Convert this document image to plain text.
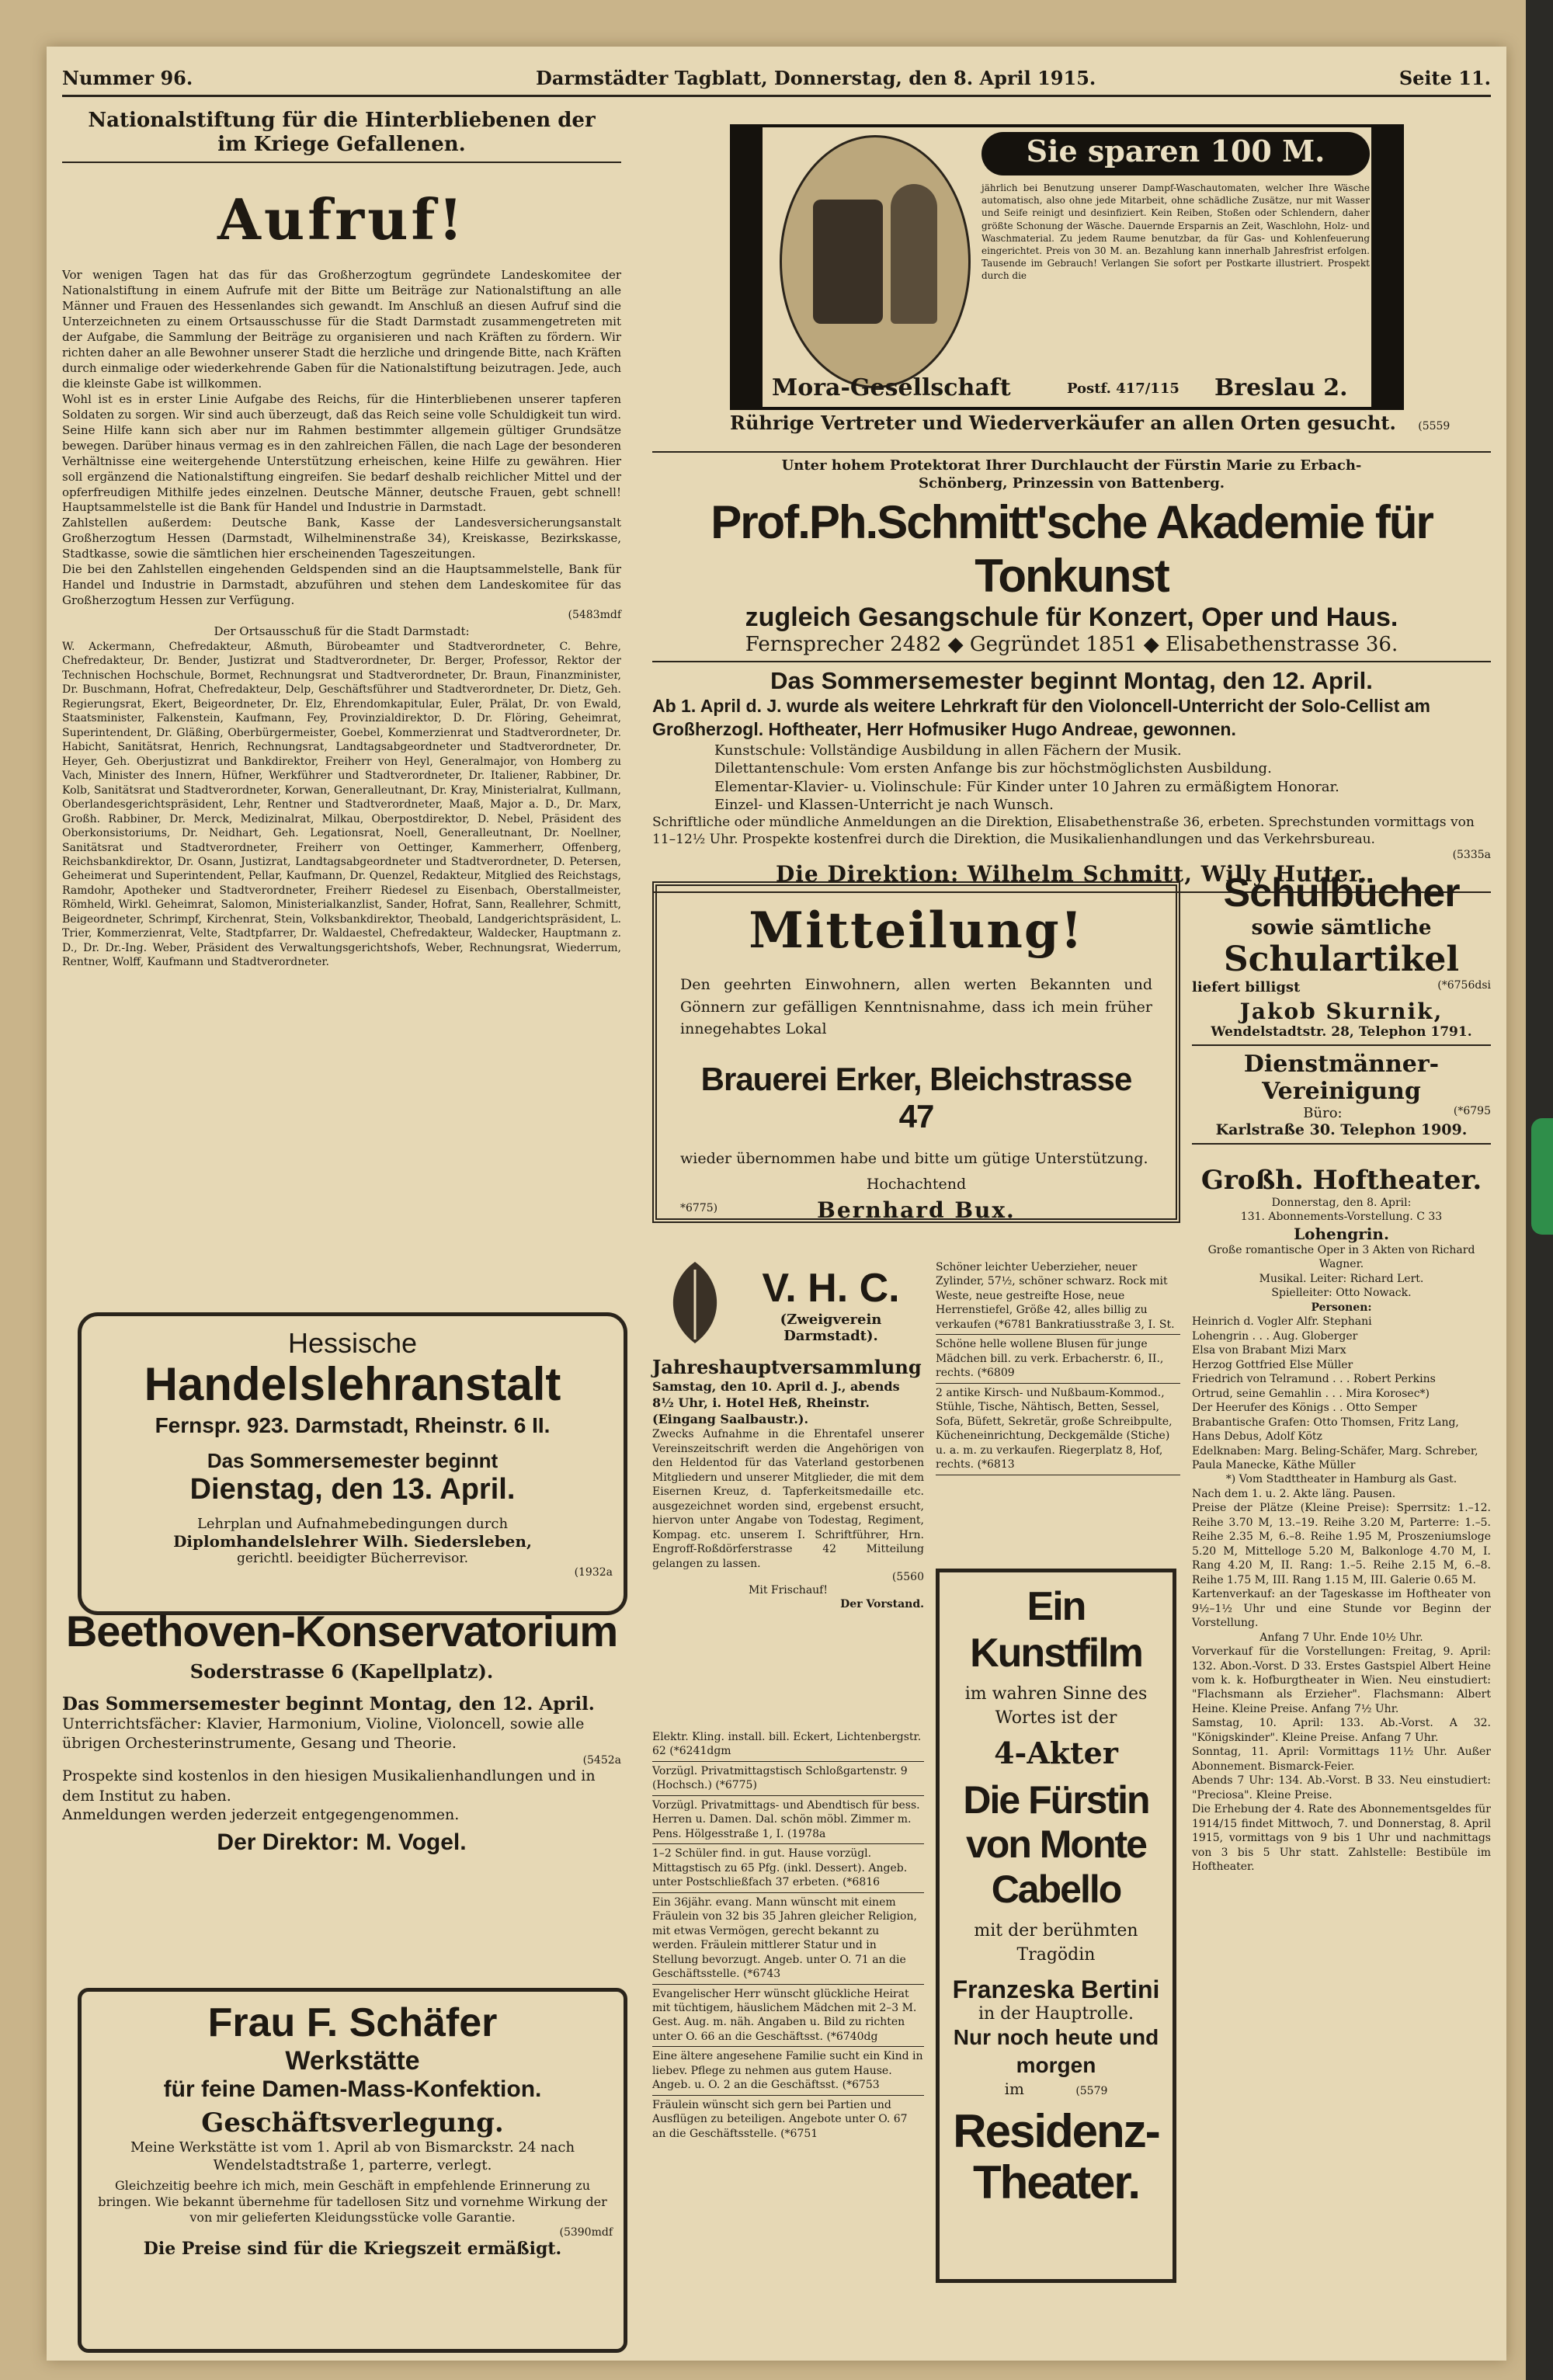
Nummer 96.	Darmstädter Tagblatt, Donnerstag, den 8. April 1915.	Seite 11.
Nationalstiftung für die Hinterbliebenen der im Kriege Gefallenen.
Aufruf!

Vor wenigen Tagen hat das für das Großherzogtum gegründete Landeskomitee der Nationalstiftung in einem Aufrufe mit der Bitte um Beiträge zur Nationalstiftung an alle Männer und Frauen des Hessenlandes sich gewandt. Im Anschluß an diesen Aufruf sind die Unterzeichneten zu einem Ortsausschusse für die Stadt Darmstadt zusammengetreten mit der Aufgabe, die Sammlung der Beiträge zu organisieren und nach Kräften zu fördern. Wir richten daher an alle Bewohner unserer Stadt die herzliche und dringende Bitte, nach Kräften durch einmalige oder wiederkehrende Gaben für die Nationalstiftung beizutragen. Jede, auch die kleinste Gabe ist willkommen.

Wohl ist es in erster Linie Aufgabe des Reichs, für die Hinterbliebenen unserer tapferen Soldaten zu sorgen. Wir sind auch überzeugt, daß das Reich seine volle Schuldigkeit tun wird. Seine Hilfe kann sich aber nur im Rahmen bestimmter allgemein gültiger Grundsätze bewegen. Darüber hinaus vermag es in den zahlreichen Fällen, die nach Lage der besonderen Verhältnisse eine weitergehende Unterstützung erheischen, keine Hilfe zu gewähren. Hier soll ergänzend die Nationalstiftung eingreifen. Sie bedarf deshalb reichlicher Mittel und der opferfreudigen Mithilfe jedes einzelnen. Deutsche Männer, deutsche Frauen, gebt schnell! Hauptsammelstelle ist die Bank für Handel und Industrie in Darmstadt.

Zahlstellen außerdem: Deutsche Bank, Kasse der Landesversicherungsanstalt Großherzogtum Hessen (Darmstadt, Wilhelminenstraße 34), Kreiskasse, Bezirkskasse, Stadtkasse, sowie die sämtlichen hier erscheinenden Tageszeitungen.

Die bei den Zahlstellen eingehenden Geldspenden sind an die Hauptsammelstelle, Bank für Handel und Industrie in Darmstadt, abzuführen und stehen dem Landeskomitee für das Großherzogtum Hessen zur Verfügung.

(5483mdf
Der Ortsausschuß für die Stadt Darmstadt:

W. Ackermann, Chefredakteur, Aßmuth, Bürobeamter und Stadtverordneter, C. Behre, Chefredakteur, Dr. Bender, Justizrat und Stadtverordneter, Dr. Berger, Professor, Rektor der Technischen Hochschule, Bormet, Rechnungsrat und Stadtverordneter, Dr. Braun, Finanzminister, Dr. Buschmann, Hofrat, Chefredakteur, Delp, Geschäftsführer und Stadtverordneter, Dr. Dietz, Geh. Regierungsrat, Ekert, Beigeordneter, Dr. Elz, Ehrendomkapitular, Euler, Prälat, Dr. von Ewald, Staatsminister, Falkenstein, Kaufmann, Fey, Provinzialdirektor, D. Dr. Flöring, Geheimrat, Superintendent, Dr. Gläßing, Oberbürgermeister, Goebel, Kommerzienrat und Stadtverordneter, Dr. Habicht, Sanitätsrat, Henrich, Rechnungsrat, Landtagsabgeordneter und Stadtverordneter, Dr. Heyer, Geh. Oberjustizrat und Bankdirektor, Freiherr von Heyl, Generalmajor, von Homberg zu Vach, Minister des Innern, Hüfner, Werkführer und Stadtverordneter, Dr. Italiener, Rabbiner, Dr. Kolb, Sanitätsrat und Stadtverordneter, Korwan, Generalleutnant, Dr. Kray, Ministerialrat, Kullmann, Oberlandesgerichtspräsident, Lehr, Rentner und Stadtverordneter, Maaß, Major a. D., Dr. Marx, Großh. Rabbiner, Dr. Merck, Medizinalrat, Milkau, Oberpostdirektor, D. Nebel, Präsident des Oberkonsistoriums, Dr. Neidhart, Geh. Legationsrat, Noell, Generalleutnant, Dr. Noellner, Sanitätsrat und Stadtverordneter, Freiherr von Oettinger, Kammerherr, Offenberg, Reichsbankdirektor, Dr. Osann, Justizrat, Landtagsabgeordneter und Stadtverordneter, D. Petersen, Geheimerat und Superintendent, Pellar, Kaufmann, Dr. Quenzel, Redakteur, Mitglied des Reichstags, Ramdohr, Apotheker und Stadtverordneter, Freiherr Riedesel zu Eisenbach, Oberstallmeister, Römheld, Wirkl. Geheimrat, Salomon, Ministerialkanzlist, Sander, Hofrat, Sann, Reallehrer, Schmitt, Beigeordneter, Schrimpf, Kirchenrat, Stein, Volksbankdirektor, Theobald, Landgerichtspräsident, L. Trier, Kommerzienrat, Velte, Stadtpfarrer, Dr. Waldaestel, Chefredakteur, Waldecker, Hauptmann z. D., Dr. Dr.-Ing. Weber, Präsident des Verwaltungsgerichtshofs, Weber, Rechnungsrat, Wiederrum, Rentner, Wolff, Kaufmann und Stadtverordneter.

Hessische
Handelslehranstalt
Fernspr. 923. Darmstadt, Rheinstr. 6 II.
Das Sommersemester beginnt
Dienstag, den 13. April.
Lehrplan und Aufnahmebedingungen durch
Diplomhandelslehrer Wilh. Siedersleben,
gerichtl. beeidigter Bücherrevisor.
(1932a
Beethoven-Konservatorium
Soderstrasse 6 (Kapellplatz).
Das Sommersemester beginnt Montag, den 12. April.
Unterrichtsfächer: Klavier, Harmonium, Violine, Violoncell, sowie alle übrigen Orchesterinstrumente, Gesang und Theorie.
(5452a
Prospekte sind kostenlos in den hiesigen Musikalienhandlungen und in dem Institut zu haben.
Anmeldungen werden jederzeit entgegengenommen.
Der Direktor: M. Vogel.
Frau F. Schäfer
Werkstätte
für feine Damen-Mass-Konfektion.
Geschäftsverlegung.
Meine Werkstätte ist vom 1. April ab von Bismarckstr. 24 nach Wendelstadtstraße 1, parterre, verlegt.
Gleichzeitig beehre ich mich, mein Geschäft in empfehlende Erinnerung zu bringen. Wie bekannt übernehme für tadellosen Sitz und vornehme Wirkung der von mir gelieferten Kleidungsstücke volle Garantie.
(5390mdf
Die Preise sind für die Kriegszeit ermäßigt.
Sie sparen 100 M.
jährlich bei Benutzung unserer Dampf-Waschautomaten, welcher Ihre Wäsche automatisch, also ohne jede Mitarbeit, ohne schädliche Zusätze, nur mit Wasser und Seife reinigt und desinfiziert. Kein Reiben, Stoßen oder Schlendern, daher größte Schonung der Wäsche. Dauernde Ersparnis an Zeit, Waschlohn, Holz- und Waschmaterial. Zu jedem Raume benutzbar, da für Gas- und Kohlenfeuerung eingerichtet. Preis von 30 M. an. Bezahlung kann innerhalb Jahresfrist erfolgen. Tausende im Gebrauch! Verlangen Sie sofort per Postkarte illustriert. Prospekt durch die
Mora-Gesellschaft	Postf. 417/115 Breslau 2.
Rührige Vertreter und Wiederverkäufer an allen Orten gesucht. (5559
Unter hohem Protektorat Ihrer Durchlaucht der Fürstin Marie zu Erbach-Schönberg, Prinzessin von Battenberg.
Prof.Ph.Schmitt'sche Akademie für Tonkunst
zugleich Gesangschule für Konzert, Oper und Haus.
Fernsprecher 2482 ◆ Gegründet 1851 ◆ Elisabethenstrasse 36.
Das Sommersemester beginnt Montag, den 12. April.
Ab 1. April d. J. wurde als weitere Lehrkraft für den Violoncell-Unterricht der Solo-Cellist am Großherzogl. Hoftheater, Herr Hofmusiker Hugo Andreae, gewonnen.
Kunstschule: Vollständige Ausbildung in allen Fächern der Musik.
Dilettantenschule: Vom ersten Anfange bis zur höchstmöglichsten Ausbildung.
Elementar-Klavier- u. Violinschule: Für Kinder unter 10 Jahren zu ermäßigtem Honorar.
Einzel- und Klassen-Unterricht je nach Wunsch.
Schriftliche oder mündliche Anmeldungen an die Direktion, Elisabethenstraße 36, erbeten. Sprechstunden vormittags von 11–12½ Uhr. Prospekte kostenfrei durch die Direktion, die Musikalienhandlungen und das Verkehrsbureau.
(5335a
Die Direktion: Wilhelm Schmitt, Willy Hutter.
Mitteilung!
Den geehrten Einwohnern, allen werten Bekannten und Gönnern zur gefälligen Kenntnisnahme, dass ich mein früher innegehabtes Lokal
Brauerei Erker, Bleichstrasse 47
wieder übernommen habe und bitte um gütige Unterstützung.
Hochachtend
*6775)	Bernhard Bux.
Schulbücher
sowie sämtliche
Schulartikel
liefert billigst	(*6756dsi
Jakob Skurnik,
Wendelstadtstr. 28, Telephon 1791.
Dienstmänner-Vereinigung
Büro:	(*6795
Karlstraße 30. Telephon 1909.
Großh. Hoftheater.
Donnerstag, den 8. April:
131. Abonnements-Vorstellung. C 33
Lohengrin.
Große romantische Oper in 3 Akten von Richard Wagner.
Musikal. Leiter: Richard Lert.
Spielleiter: Otto Nowack.
Personen:
Heinrich d. Vogler Alfr. Stephani
Lohengrin . . . Aug. Globerger
Elsa von Brabant Mizi Marx
Herzog Gottfried Else Müller
Friedrich von Telramund . . . Robert Perkins
Ortrud, seine Gemahlin . . . Mira Korosec*)
Der Heerufer des Königs . . Otto Semper
Brabantische Grafen: Otto Thomsen, Fritz Lang, Hans Debus, Adolf Kötz
Edelknaben: Marg. Beling-Schäfer, Marg. Schreber, Paula Manecke, Käthe Müller
*) Vom Stadttheater in Hamburg als Gast.
Nach dem 1. u. 2. Akte läng. Pausen.
Preise der Plätze (Kleine Preise): Sperrsitz: 1.–12. Reihe 3.70 M, 13.–19. Reihe 3.20 M, Parterre: 1.–5. Reihe 2.35 M, 6.–8. Reihe 1.95 M, Proszeniumsloge 5.20 M, Mittelloge 5.20 M, Balkonloge 4.70 M, I. Rang 4.20 M, II. Rang: 1.–5. Reihe 2.15 M, 6.–8. Reihe 1.75 M, III. Rang 1.15 M, III. Galerie 0.65 M.
Kartenverkauf: an der Tageskasse im Hoftheater von 9½–1½ Uhr und eine Stunde vor Beginn der Vorstellung.
Anfang 7 Uhr. Ende 10½ Uhr.
Vorverkauf für die Vorstellungen: Freitag, 9. April: 132. Abon.-Vorst. D 33. Erstes Gastspiel Albert Heine vom k. k. Hofburgtheater in Wien. Neu einstudiert: "Flachsmann als Erzieher". Flachsmann: Albert Heine. Kleine Preise. Anfang 7½ Uhr.
Samstag, 10. April: 133. Ab.-Vorst. A 32. "Königskinder". Kleine Preise. Anfang 7 Uhr.
Sonntag, 11. April: Vormittags 11½ Uhr. Außer Abonnement. Bismarck-Feier.
Abends 7 Uhr: 134. Ab.-Vorst. B 33. Neu einstudiert: "Preciosa". Kleine Preise.
Die Erhebung der 4. Rate des Abonnementsgeldes für 1914/15 findet Mittwoch, 7. und Donnerstag, 8. April 1915, vormittags von 9 bis 1 Uhr und nachmittags von 3 bis 5 Uhr statt. Zahlstelle: Bestibüle im Hoftheater.
V. H. C.
(Zweigverein Darmstadt).
Jahreshauptversammlung
Samstag, den 10. April d. J., abends 8½ Uhr, i. Hotel Heß, Rheinstr. (Eingang Saalbaustr.).
Zwecks Aufnahme in die Ehrentafel unserer Vereinszeitschrift werden die Angehörigen von den Heldentod für das Vaterland gestorbenen Mitgliedern und unserer Mitglieder, die mit dem Eisernen Kreuz, d. Tapferkeitsmedaille etc. ausgezeichnet worden sind, ergebenst ersucht, hiervon unter Angabe von Todestag, Regiment, Kompag. etc. unserem I. Schriftführer, Hrn. Engroff-Roßdörferstrasse 42 Mitteilung gelangen zu lassen.
(5560
Mit Frischauf!
Der Vorstand.
Schöner leichter Ueberzieher, neuer Zylinder, 57½, schöner schwarz. Rock mit Weste, neue gestreifte Hose, neue Herrenstiefel, Größe 42, alles billig zu verkaufen (*6781 Bankratiusstraße 3, I. St.
Schöne helle wollene Blusen für junge Mädchen bill. zu verk. Erbacherstr. 6, II., rechts. (*6809
2 antike Kirsch- und Nußbaum-Kommod., Stühle, Tische, Nähtisch, Betten, Sessel, Sofa, Büfett, Sekretär, große Schreibpulte, Kücheneinrichtung, Deckgemälde (Stiche) u. a. m. zu verkaufen. Riegerplatz 8, Hof, rechts. (*6813
Elektr. Kling. install. bill. Eckert, Lichtenbergstr. 62 (*6241dgm
Vorzügl. Privatmittagstisch Schloßgartenstr. 9 (Hochsch.) (*6775)
Vorzügl. Privatmittags- und Abendtisch für bess. Herren u. Damen. Dal. schön möbl. Zimmer m. Pens. Hölgesstraße 1, I. (1978a
1–2 Schüler find. in gut. Hause vorzügl. Mittagstisch zu 65 Pfg. (inkl. Dessert). Angeb. unter Postschließfach 37 erbeten. (*6816
Ein 36jähr. evang. Mann wünscht mit einem Fräulein von 32 bis 35 Jahren gleicher Religion, mit etwas Vermögen, gerecht bekannt zu werden. Fräulein mittlerer Statur und in Stellung bevorzugt. Angeb. unter O. 71 an die Geschäftsstelle. (*6743
Evangelischer Herr wünscht glückliche Heirat mit tüchtigem, häuslichem Mädchen mit 2–3 M. Gest. Aug. m. näh. Angaben u. Bild zu richten unter O. 66 an die Geschäftsst. (*6740dg
Eine ältere angesehene Familie sucht ein Kind in liebev. Pflege zu nehmen aus gutem Hause. Angeb. u. O. 2 an die Geschäftsst. (*6753
Fräulein wünscht sich gern bei Partien und Ausflügen zu beteiligen. Angebote unter O. 67 an die Geschäftsstelle. (*6751
Ein Kunstfilm
im wahren Sinne des Wortes ist der
4-Akter
Die Fürstin von Monte Cabello
mit der berühmten Tragödin
Franzeska Bertini
in der Hauptrolle.
Nur noch heute und morgen
im	(5579
Residenz-Theater.
